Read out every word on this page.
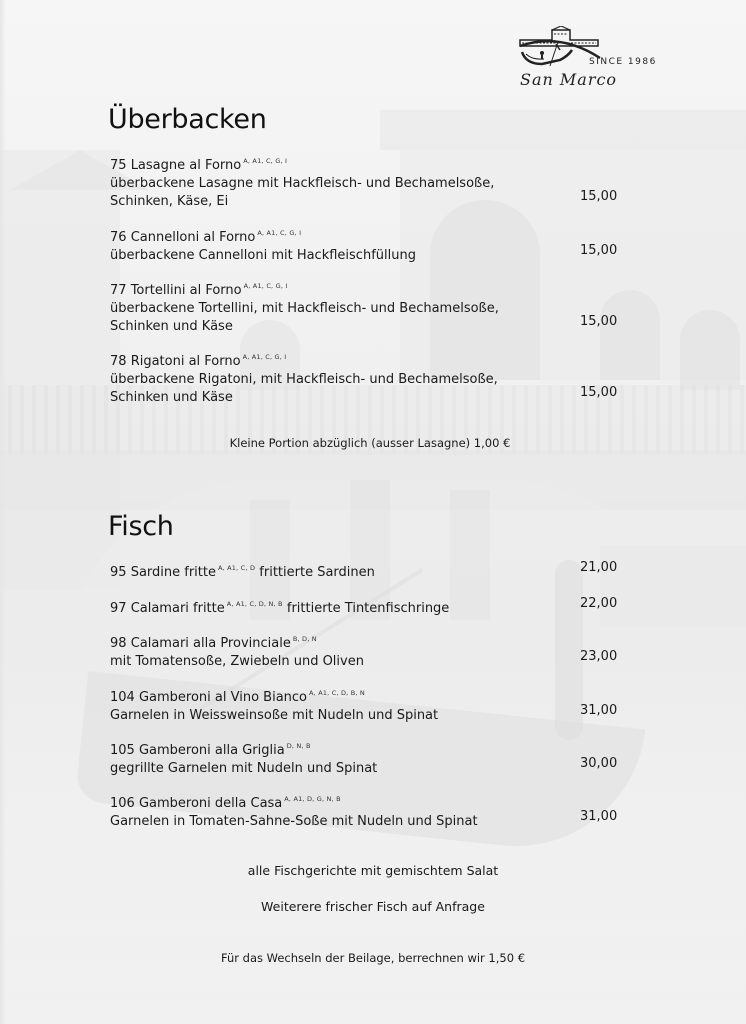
SINCE 1986
San Marco
Überbacken
75 Lasagne al Forno $^{A, A1, C, G, I}$
überbackene Lasagne mit Hackfleisch- und Bechamelsoße,
Schinken, Käse, Ei	15,00
76 Cannelloni al Forno $^{A, A1, C, G, I}$
überbackene Cannelloni mit Hackfleischfüllung	15,00
77 Tortellini al Forno $^{A, A1, C, G, I}$
überbackene Tortellini, mit Hackfleisch- und Bechamelsoße,
Schinken und Käse	15,00
78 Rigatoni al Forno $^{A, A1, C, G, I}$
überbackene Rigatoni, mit Hackfleisch- und Bechamelsoße,
Schinken und Käse	15,00
Kleine Portion abzüglich (ausser Lasagne) 1,00 €
Fisch
95 Sardine fritte $^{A, A1, C, D}$ frittierte Sardinen	21,00
97 Calamari fritte $^{A, A1, C, D, N, B}$ frittierte Tintenfischringe	22,00
98 Calamari alla Provinciale $^{B, D, N}$
mit Tomatensoße, Zwiebeln und Oliven	23,00
104 Gamberoni al Vino Bianco $^{A, A1, C, D, B, N}$
Garnelen in Weissweinsoße mit Nudeln und Spinat	31,00
105 Gamberoni alla Griglia $^{D, N, B}$
gegrillte Garnelen mit Nudeln und Spinat	30,00
106 Gamberoni della Casa $^{A, A1, D, G, N, B}$
Garnelen in Tomaten-Sahne-Soße mit Nudeln und Spinat	31,00
alle Fischgerichte mit gemischtem Salat
Weiterere frischer Fisch auf Anfrage
Für das Wechseln der Beilage, berrechnen wir 1,50 €
